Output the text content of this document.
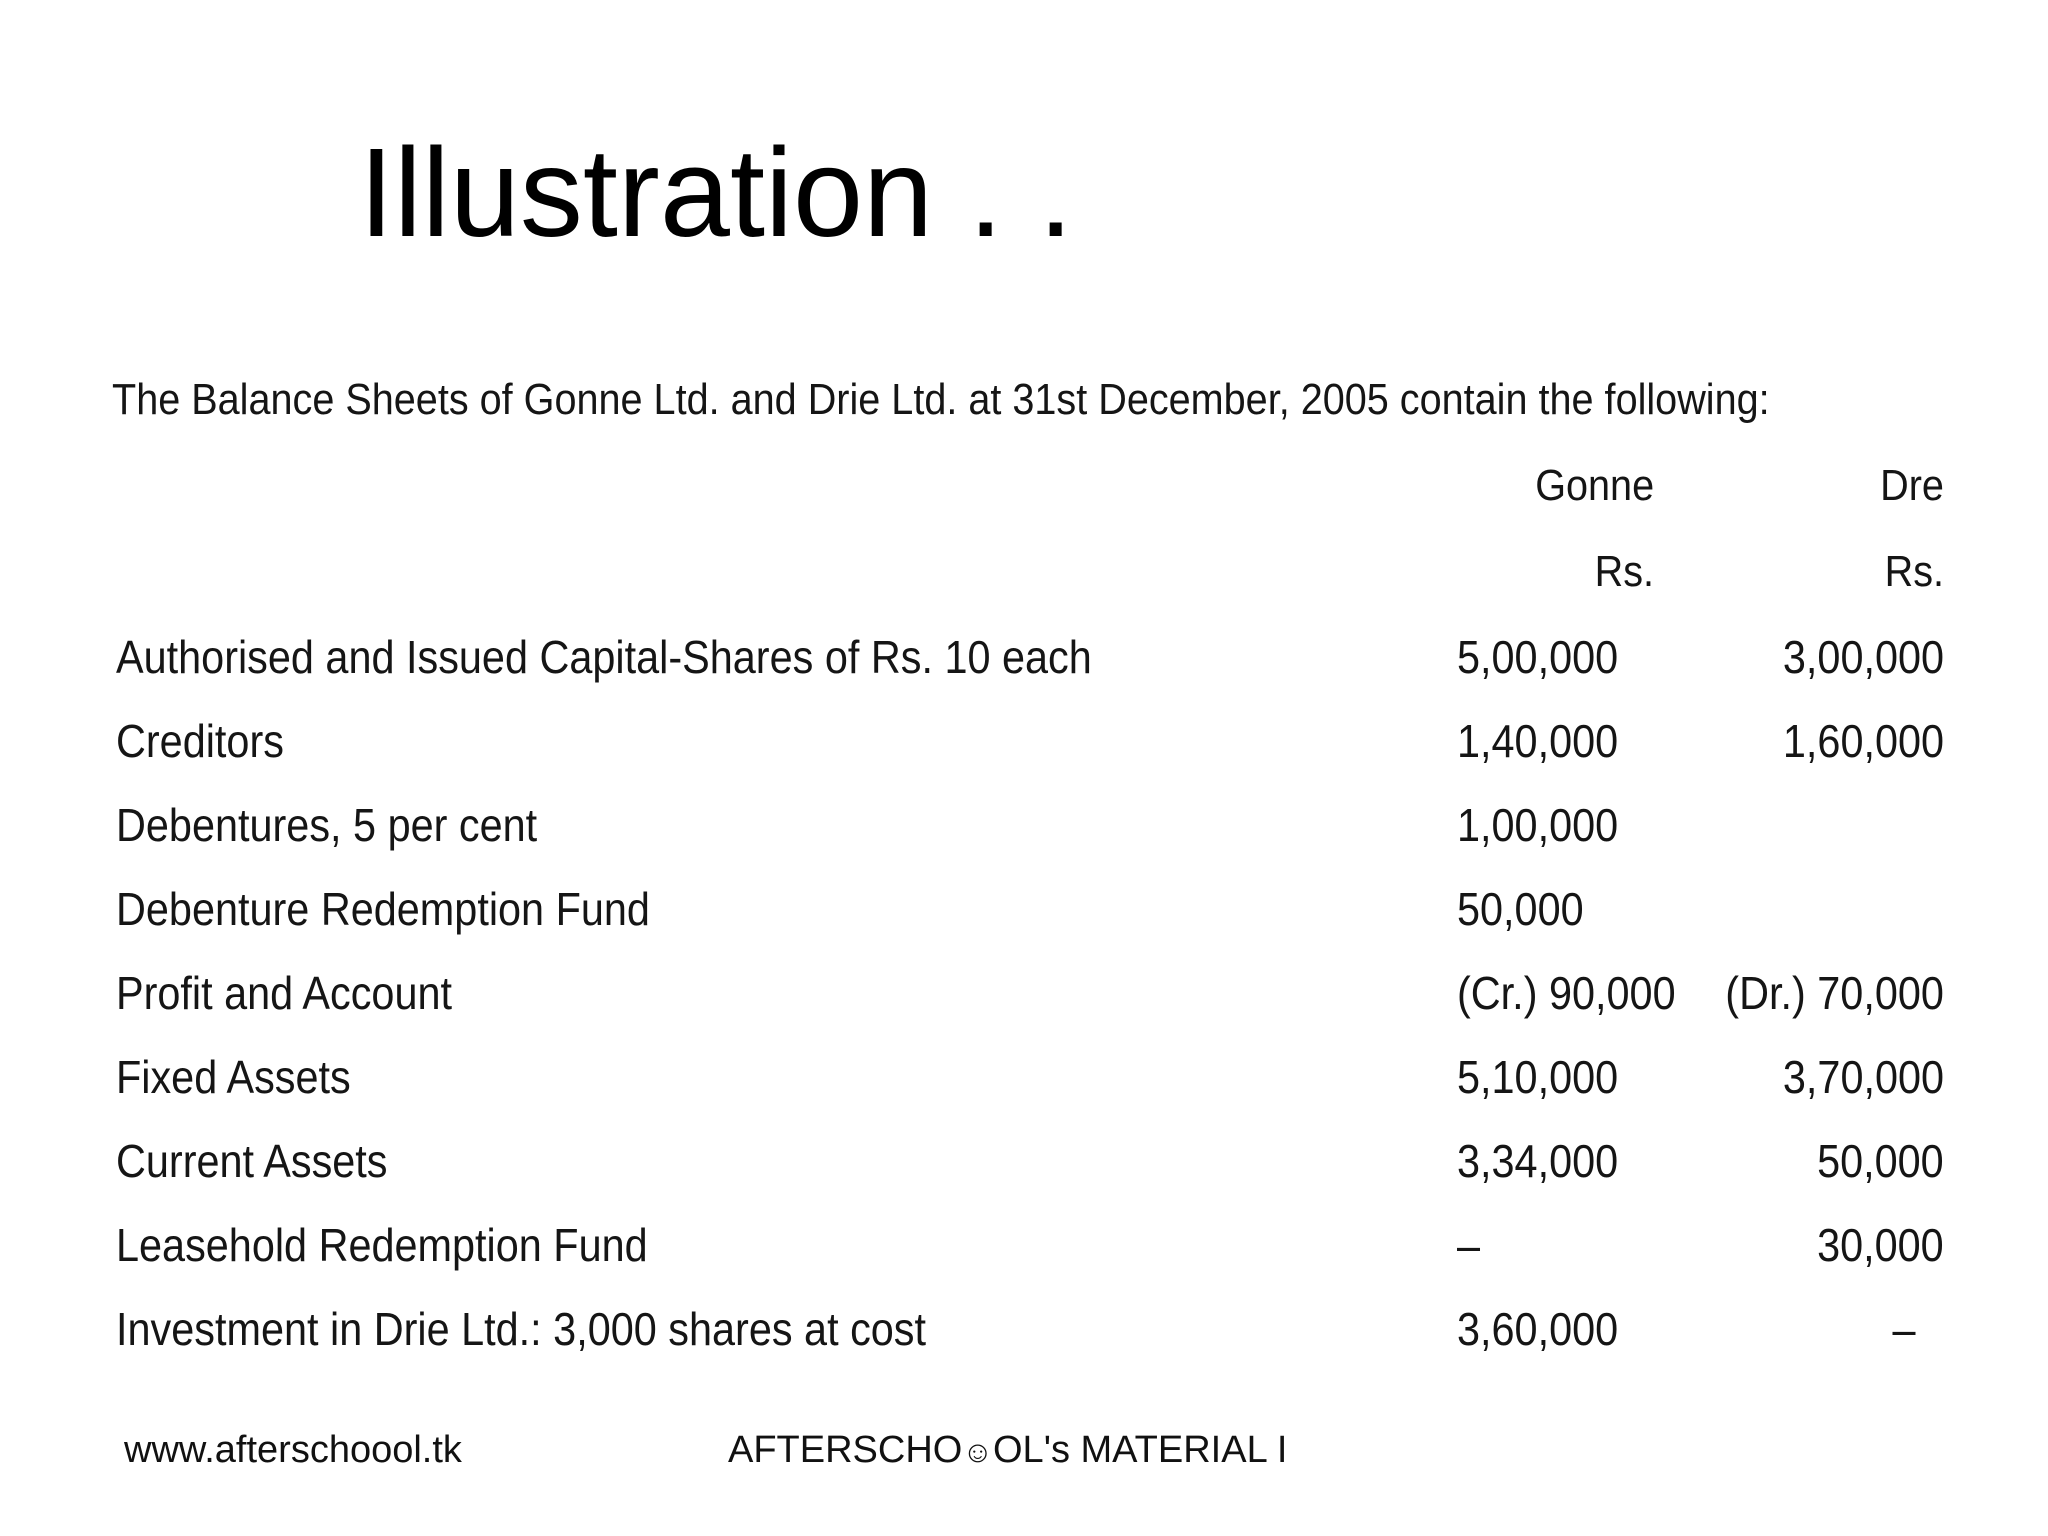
Illustration . .
The Balance Sheets of Gonne Ltd. and Drie Ltd. at 31st December, 2005 contain the following:
Gonne	Dre
Rs.	Rs.
Authorised and Issued Capital-Shares of Rs. 10 each	5,00,000	3,00,000
Creditors	1,40,000	1,60,000
Debentures, 5 per cent	1,00,000
Debenture Redemption Fund	50,000
Profit and Account	(Cr.) 90,000 (Dr.) 70,000
Fixed Assets	5,10,000	3,70,000
Current Assets	3,34,000	50,000
Leasehold Redemption Fund	–	30,000
Investment in Drie Ltd.: 3,000 shares at cost	3,60,000	–
www.afterschoool.tk	AFTERSCHO☺OL's MATERIAL I
